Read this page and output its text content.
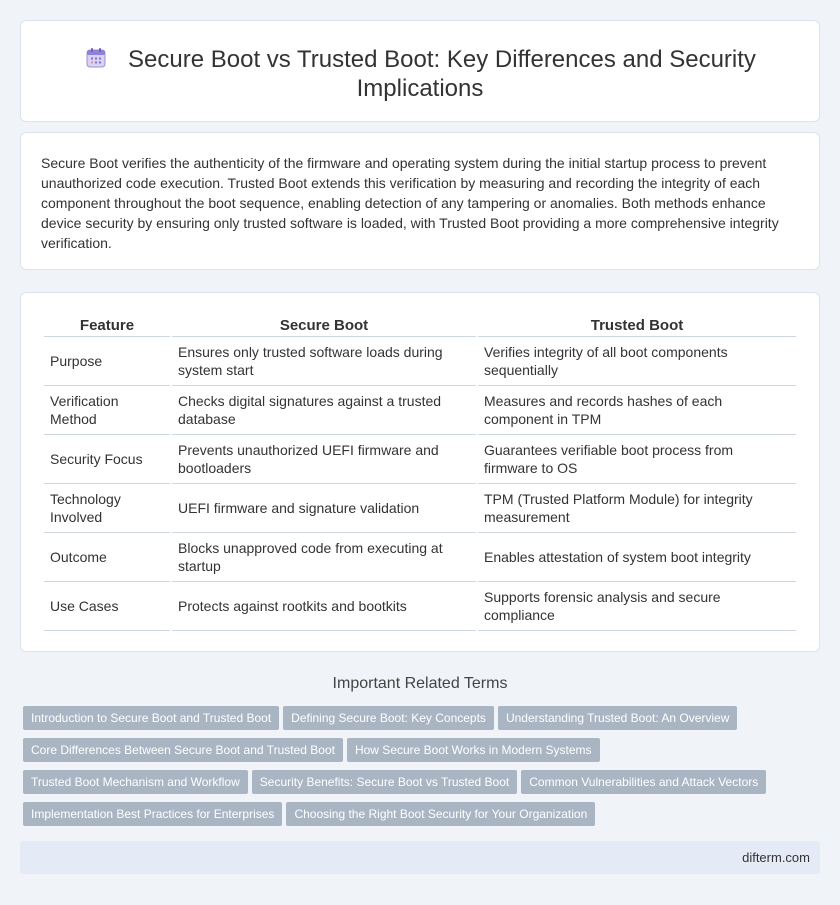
Secure Boot vs Trusted Boot: Key Differences and Security Implications

Secure Boot verifies the authenticity of the firmware and operating system during the initial startup process to prevent unauthorized code execution. Trusted Boot extends this verification by measuring and recording the integrity of each component throughout the boot sequence, enabling detection of any tampering or anomalies. Both methods enhance device security by ensuring only trusted software is loaded, with Trusted Boot providing a more comprehensive integrity verification.

Feature	Secure Boot	Trusted Boot
Purpose	Ensures only trusted software loads during system start	Verifies integrity of all boot components sequentially
Verification Method	Checks digital signatures against a trusted database	Measures and records hashes of each component in TPM
Security Focus	Prevents unauthorized UEFI firmware and bootloaders	Guarantees verifiable boot process from firmware to OS
Technology Involved	UEFI firmware and signature validation	TPM (Trusted Platform Module) for integrity measurement
Outcome	Blocks unapproved code from executing at startup	Enables attestation of system boot integrity
Use Cases	Protects against rootkits and bootkits	Supports forensic analysis and secure compliance
Important Related Terms
Introduction to Secure Boot and Trusted Boot Defining Secure Boot: Key Concepts Understanding Trusted Boot: An Overview
Core Differences Between Secure Boot and Trusted Boot How Secure Boot Works in Modern Systems
Trusted Boot Mechanism and Workflow Security Benefits: Secure Boot vs Trusted Boot Common Vulnerabilities and Attack Vectors
Implementation Best Practices for Enterprises Choosing the Right Boot Security for Your Organization
difterm.com
